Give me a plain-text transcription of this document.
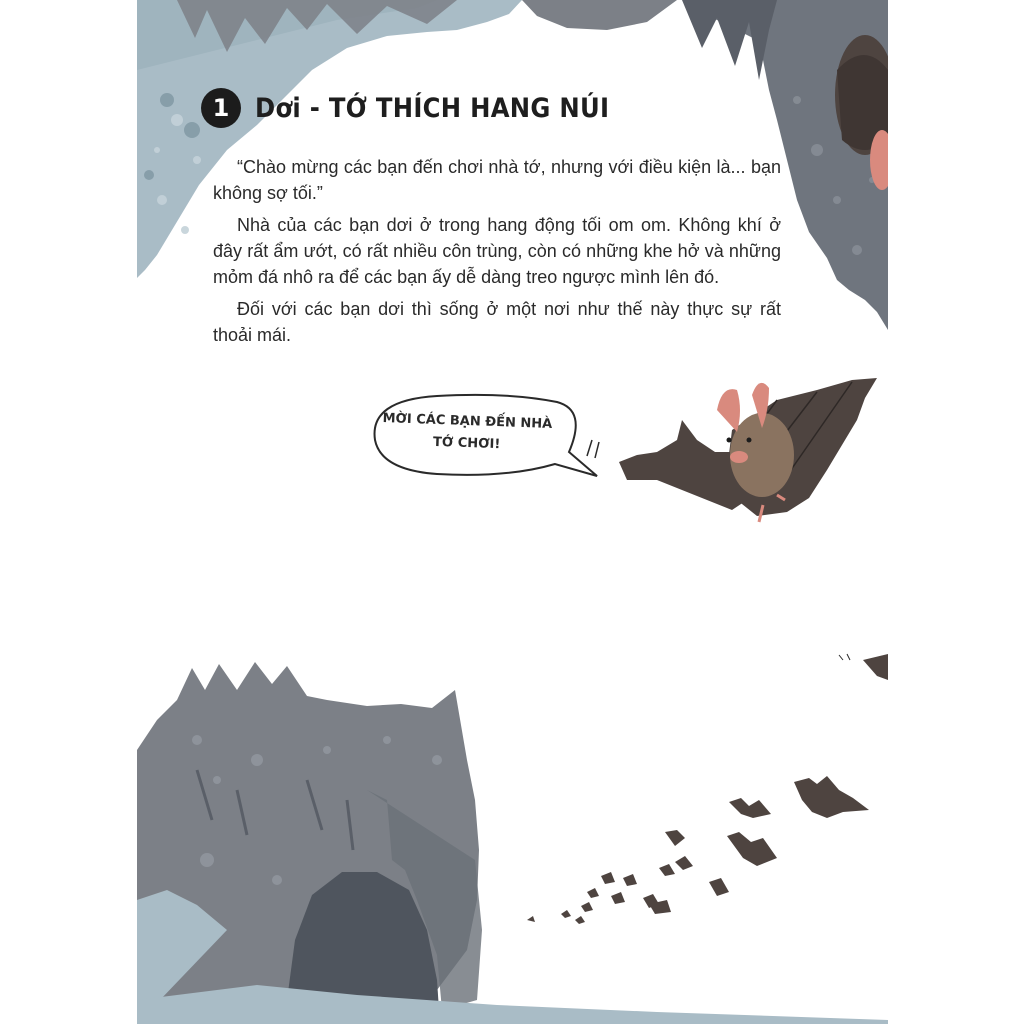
1 Dơi - TỚ THÍCH HANG NÚI

“Chào mừng các bạn đến chơi nhà tớ, nhưng với điều kiện là... bạn không sợ tối.”

Nhà của các bạn dơi ở trong hang động tối om om. Không khí ở đây rất ẩm ướt, có rất nhiều côn trùng, còn có những khe hở và những mỏm đá nhô ra để các bạn ấy dễ dàng treo ngược mình lên đó.

Đối với các bạn dơi thì sống ở một nơi như thế này thực sự rất thoải mái.

MỜI CÁC BẠN ĐẾN NHÀ
TỚ CHƠI!
